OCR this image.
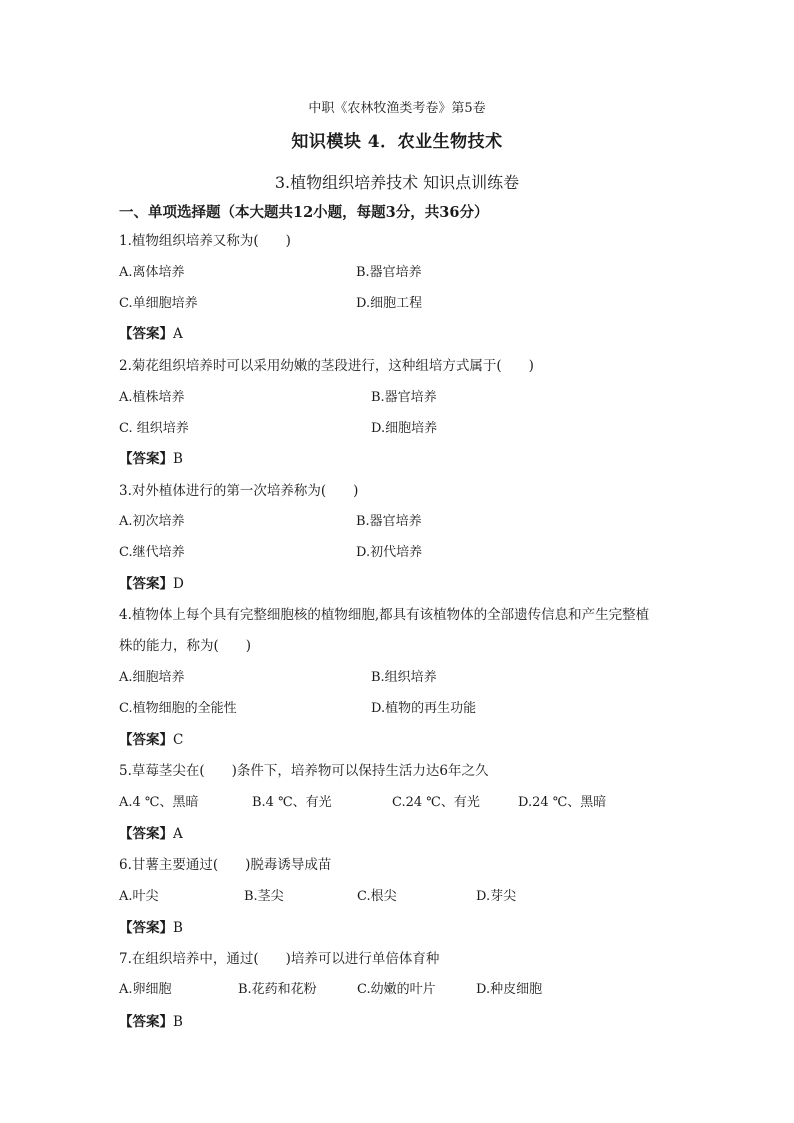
中职《农林牧渔类考卷》第5卷
知识模块 4．农业生物技术
3.植物组织培养技术 知识点训练卷
一、单项选择题（本大题共12小题，每题3分，共36分）
1.植物组织培养又称为(　　)
A.离体培养	B.器官培养
C.单细胞培养	D.细胞工程
【答案】A
2.菊花组织培养时可以采用幼嫩的茎段进行，这种组培方式属于(　　)
A.植株培养	B.器官培养
C. 组织培养	D.细胞培养
【答案】B
3.对外植体进行的第一次培养称为(　　)
A.初次培养	B.器官培养
C.继代培养	D.初代培养
【答案】D
4.植物体上每个具有完整细胞核的植物细胞,都具有该植物体的全部遗传信息和产生完整植
株的能力，称为(　　)
A.细胞培养	B.组织培养
C.植物细胞的全能性	D.植物的再生功能
【答案】C
5.草莓茎尖在(　　)条件下，培养物可以保持生活力达6年之久
A.4 ℃、黑暗	B.4 ℃、有光	C.24 ℃、有光	D.24 ℃、黑暗
【答案】A
6.甘薯主要通过(　　)脱毒诱导成苗
A.叶尖	B.茎尖	C.根尖	D.芽尖
【答案】B
7.在组织培养中，通过(　　)培养可以进行单倍体育种
A.卵细胞	B.花药和花粉	C.幼嫩的叶片	D.种皮细胞
【答案】B
